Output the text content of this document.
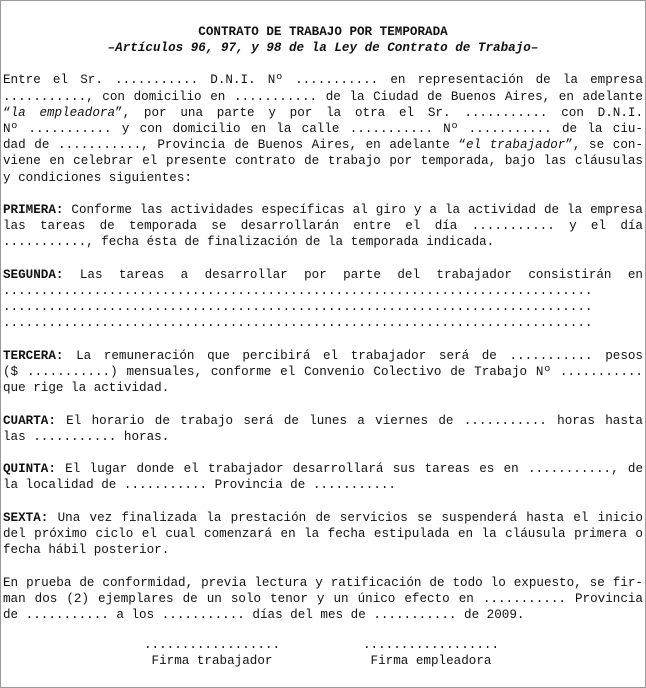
CONTRATO DE TRABAJO POR TEMPORADA

–Artículos 96, 97, y 98 de la Ley de Contrato de Trabajo–

Entre el Sr. ........... D.N.I. Nº ........... en representación de la empresa
..........., con domicilio en ........... de la Ciudad de Buenos Aires, en adelante
“la empleadora”, por una parte y por la otra el Sr. ........... con D.N.I.
Nº ........... y con domicilio en la calle ........... Nº ........... de la ciu-
dad de ..........., Provincia de Buenos Aires, en adelante “el trabajador”, se con-
viene en celebrar el presente contrato de trabajo por temporada, bajo las cláusulas
y condiciones siguientes:
PRIMERA: Conforme las actividades específicas al giro y a la actividad de la empresa
las tareas de temporada se desarrollarán entre el día ........... y el día
..........., fecha ésta de finalización de la temporada indicada.
SEGUNDA: Las tareas a desarrollar por parte del trabajador consistirán en
..............................................................................
..............................................................................
..............................................................................
TERCERA: La remuneración que percibirá el trabajador será de ........... pesos
($ ...........) mensuales, conforme el Convenio Colectivo de Trabajo Nº ...........
que rige la actividad.
CUARTA: El horario de trabajo será de lunes a viernes de ........... horas hasta
las ........... horas.
QUINTA: El lugar donde el trabajador desarrollará sus tareas es en ..........., de
la localidad de ........... Provincia de ...........
SEXTA: Una vez finalizada la prestación de servicios se suspenderá hasta el inicio
del próximo ciclo el cual comenzará en la fecha estipulada en la cláusula primera o
fecha hábil posterior.
En prueba de conformidad, previa lectura y ratificación de todo lo expuesto, se fir-
man dos (2) ejemplares de un solo tenor y un único efecto en ........... Provincia
de ........... a los ........... días del mes de ........... de 2009.
..................
Firma trabajador
..................
Firma empleadora
